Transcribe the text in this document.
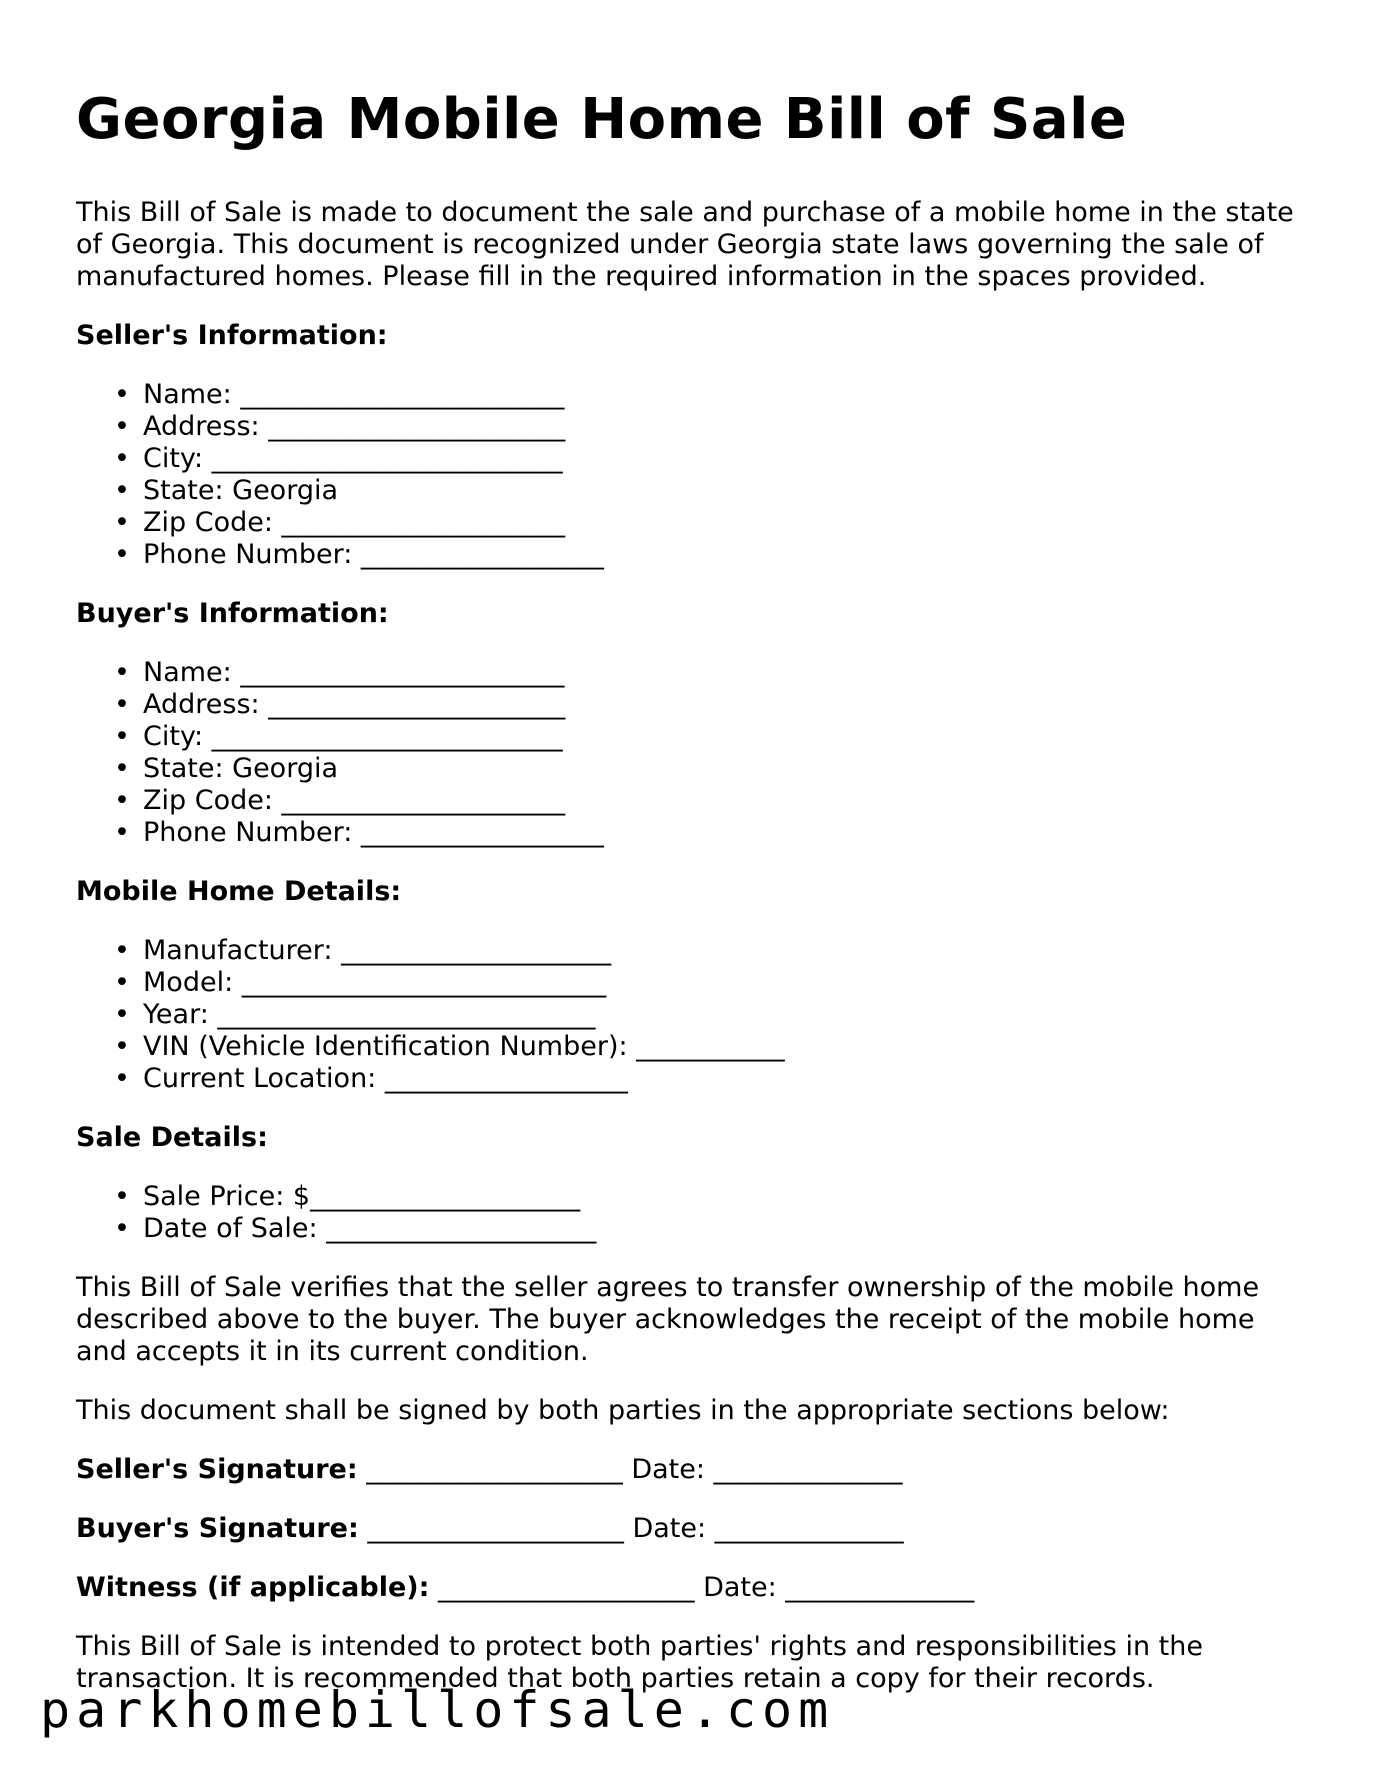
Georgia Mobile Home Bill of Sale

This Bill of Sale is made to document the sale and purchase of a mobile home in the state of Georgia. This document is recognized under Georgia state laws governing the sale of manufactured homes. Please fill in the required information in the spaces provided.

Seller's Information:
• Name: ________________________
• Address: ______________________
• City: __________________________
• State: Georgia
• Zip Code: _____________________
• Phone Number: __________________
Buyer's Information:
• Name: ________________________
• Address: ______________________
• City: __________________________
• State: Georgia
• Zip Code: _____________________
• Phone Number: __________________
Mobile Home Details:
• Manufacturer: ____________________
• Model: ___________________________
• Year: ____________________________
• VIN (Vehicle Identification Number): ___________
• Current Location: __________________
Sale Details:
• Sale Price: $____________________
• Date of Sale: ____________________

This Bill of Sale verifies that the seller agrees to transfer ownership of the mobile home described above to the buyer. The buyer acknowledges the receipt of the mobile home and accepts it in its current condition.

This document shall be signed by both parties in the appropriate sections below:

Seller's Signature: ___________________ Date: ______________
Buyer's Signature: ___________________ Date: ______________
Witness (if applicable): ___________________ Date: ______________

This Bill of Sale is intended to protect both parties' rights and responsibilities in the transaction. It is recommended that both parties retain a copy for their records.

parkhomebillofsale.com
